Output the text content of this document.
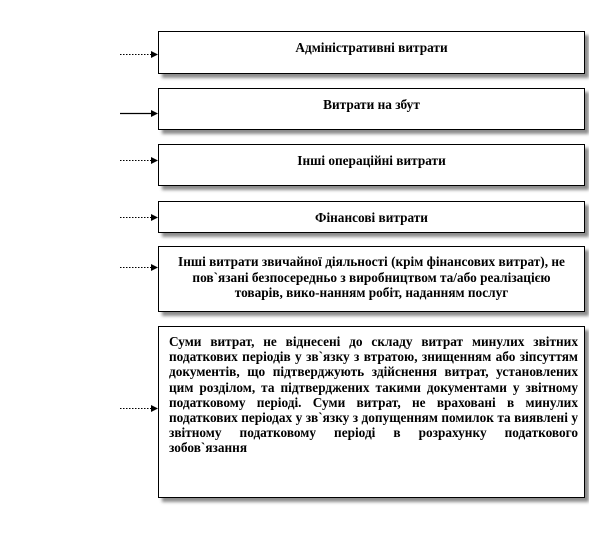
Адміністративні витрати
Витрати на збут
Інші операційні витрати
Фінансові витрати
Інші витрати звичайної діяльності (крім фінансових витрат), не пов`язані безпосередньо з виробництвом та/або реалізацією товарів, вико-нанням робіт, наданням послуг
Суми витрат, не віднесені до складу витрат минулих звітних податкових періодів у зв`язку з втратою, знищенням або зіпсуттям документів, що підтверджують здійснення витрат, установлених цим розділом, та підтверджених такими документами у звітному податковому періоді. Суми витрат, не враховані в минулих податкових періодах у зв`язку з допущенням помилок та виявлені у звітному податковому періоді в розрахунку податкового зобов`язання
